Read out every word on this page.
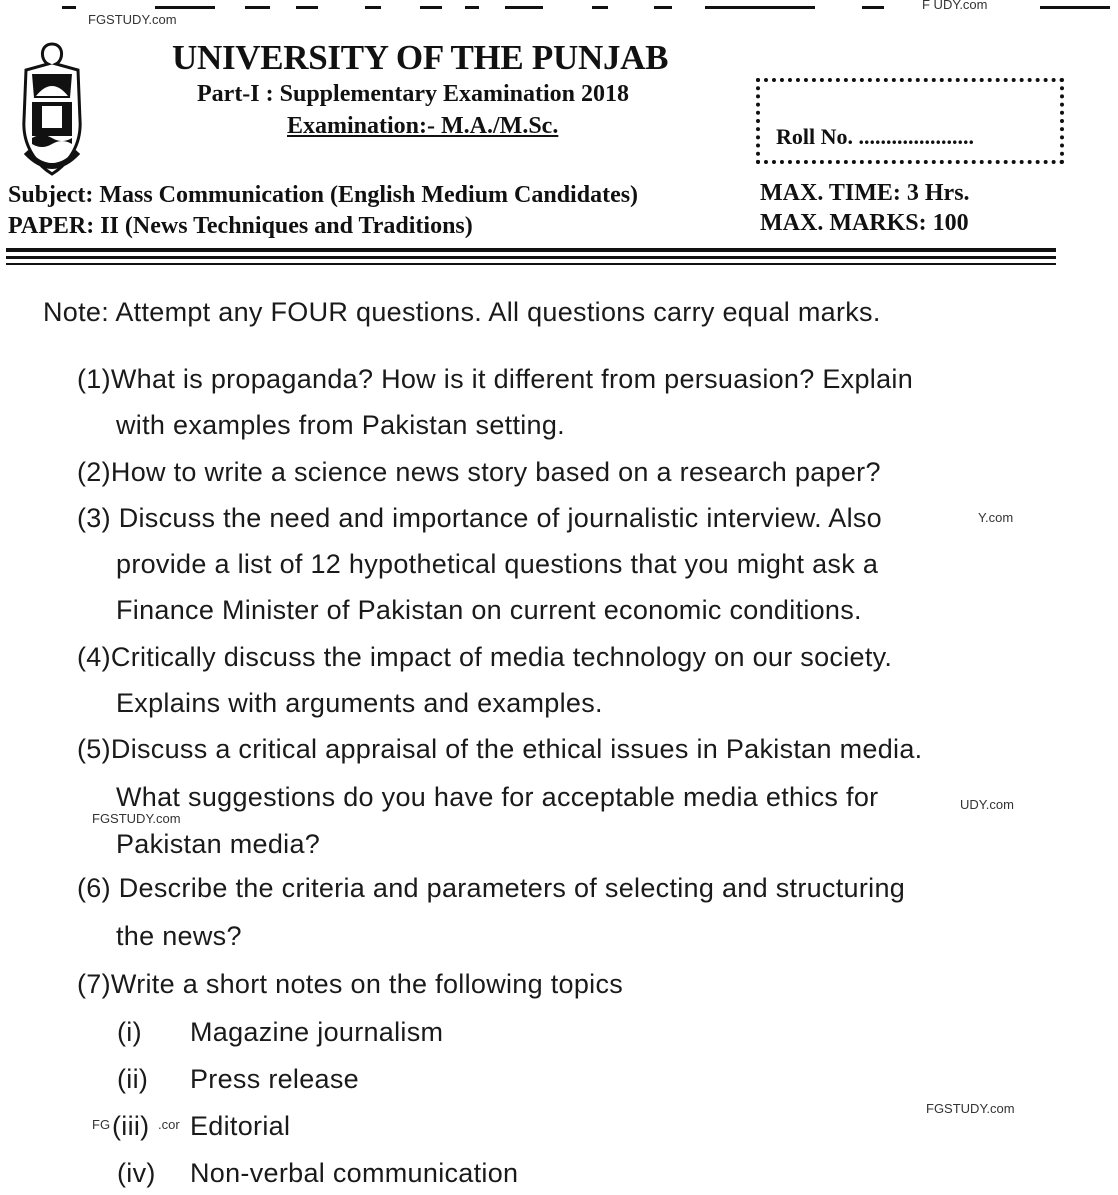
FGSTUDY.com
F UDY.com
UNIVERSITY OF THE PUNJAB
Part-I : Supplementary Examination 2018
Examination:- M.A./M.Sc.	Roll No. .....................
Subject: Mass Communication (English Medium Candidates)
PAPER: II (News Techniques and Traditions)
MAX. TIME: 3 Hrs.
MAX. MARKS: 100
Note: Attempt any FOUR questions. All questions carry equal marks.
(1)What is propaganda? How is it different from persuasion? Explain
with examples from Pakistan setting.
(2)How to write a science news story based on a research paper?
(3) Discuss the need and importance of journalistic interview. Also	Y.com
provide a list of 12 hypothetical questions that you might ask a
Finance Minister of Pakistan on current economic conditions.
(4)Critically discuss the impact of media technology on our society.
Explains with arguments and examples.
(5)Discuss a critical appraisal of the ethical issues in Pakistan media.
What suggestions do you have for acceptable media ethics for	UDY.com
FGSTUDY.com
Pakistan media?
(6) Describe the criteria and parameters of selecting and structuring
the news?
(7)Write a short notes on the following topics
(i) Magazine journalism
(ii) Press release
FGSTUDY.com
FG (iii) .cor Editorial
(iv) Non-verbal communication
